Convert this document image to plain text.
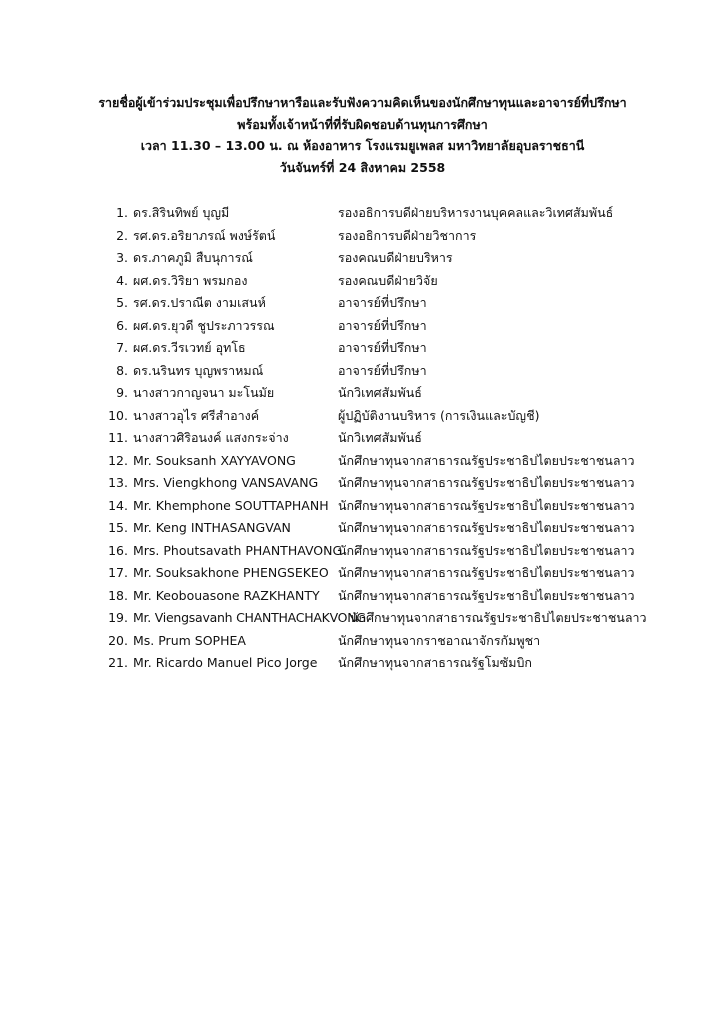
รายชื่อผู้เข้าร่วมประชุมเพื่อปรึกษาหารือและรับฟังความคิดเห็นของนักศึกษาทุนและอาจารย์ที่ปรึกษา
พร้อมทั้งเจ้าหน้าที่ที่รับผิดชอบด้านทุนการศึกษา
เวลา 11.30 – 13.00 น. ณ ห้องอาหาร โรงแรมยูเพลส มหาวิทยาลัยอุบลราชธานี
วันจันทร์ที่ 24 สิงหาคม 2558
1. ดร.สิรินทิพย์ บุญมี	รองอธิการบดีฝ่ายบริหารงานบุคคลและวิเทศสัมพันธ์
2. รศ.ดร.อริยาภรณ์ พงษ์รัตน์	รองอธิการบดีฝ่ายวิชาการ
3. ดร.ภาคภูมิ สืบนุการณ์	รองคณบดีฝ่ายบริหาร
4. ผศ.ดร.วิริยา พรมกอง	รองคณบดีฝ่ายวิจัย
5. รศ.ดร.ปราณีต งามเสนห์	อาจารย์ที่ปรึกษา
6. ผศ.ดร.ยุวดี ชูประภาวรรณ	อาจารย์ที่ปรึกษา
7. ผศ.ดร.วีรเวทย์ อุทโธ	อาจารย์ที่ปรึกษา
8. ดร.นรินทร บุญพราหมณ์	อาจารย์ที่ปรึกษา
9. นางสาวกาญจนา มะโนมัย	นักวิเทศสัมพันธ์
10. นางสาวอุไร ศรีสำอางค์	ผู้ปฏิบัติงานบริหาร (การเงินและบัญชี)
11. นางสาวศิริอนงค์ แสงกระจ่าง	นักวิเทศสัมพันธ์
12. Mr. Souksanh XAYYAVONG	นักศึกษาทุนจากสาธารณรัฐประชาธิปไตยประชาชนลาว
13. Mrs. Viengkhong VANSAVANG นักศึกษาทุนจากสาธารณรัฐประชาธิปไตยประชาชนลาว
14. Mr. Khemphone SOUTTAPHANH นักศึกษาทุนจากสาธารณรัฐประชาธิปไตยประชาชนลาว
15. Mr. Keng INTHASANGVAN	นักศึกษาทุนจากสาธารณรัฐประชาธิปไตยประชาชนลาว
16. Mrs. Phoutsavath PHANTHAVONG
นักศึกษาทุนจากสาธารณรัฐประชาธิปไตยประชาชนลาว
17. Mr. Souksakhone PHENGSEKEO นักศึกษาทุนจากสาธารณรัฐประชาธิปไตยประชาชนลาว
18. Mr. Keobouasone RAZKHANTY นักศึกษาทุนจากสาธารณรัฐประชาธิปไตยประชาชนลาว
19. Mr. Viengsavanh CHANTHACHAKVONG
นักศึกษาทุนจากสาธารณรัฐประชาธิปไตยประชาชนลาว
20. Ms. Prum SOPHEA	นักศึกษาทุนจากราชอาณาจักรกัมพูชา
21. Mr. Ricardo Manuel Pico Jorge นักศึกษาทุนจากสาธารณรัฐโมซัมบิก
